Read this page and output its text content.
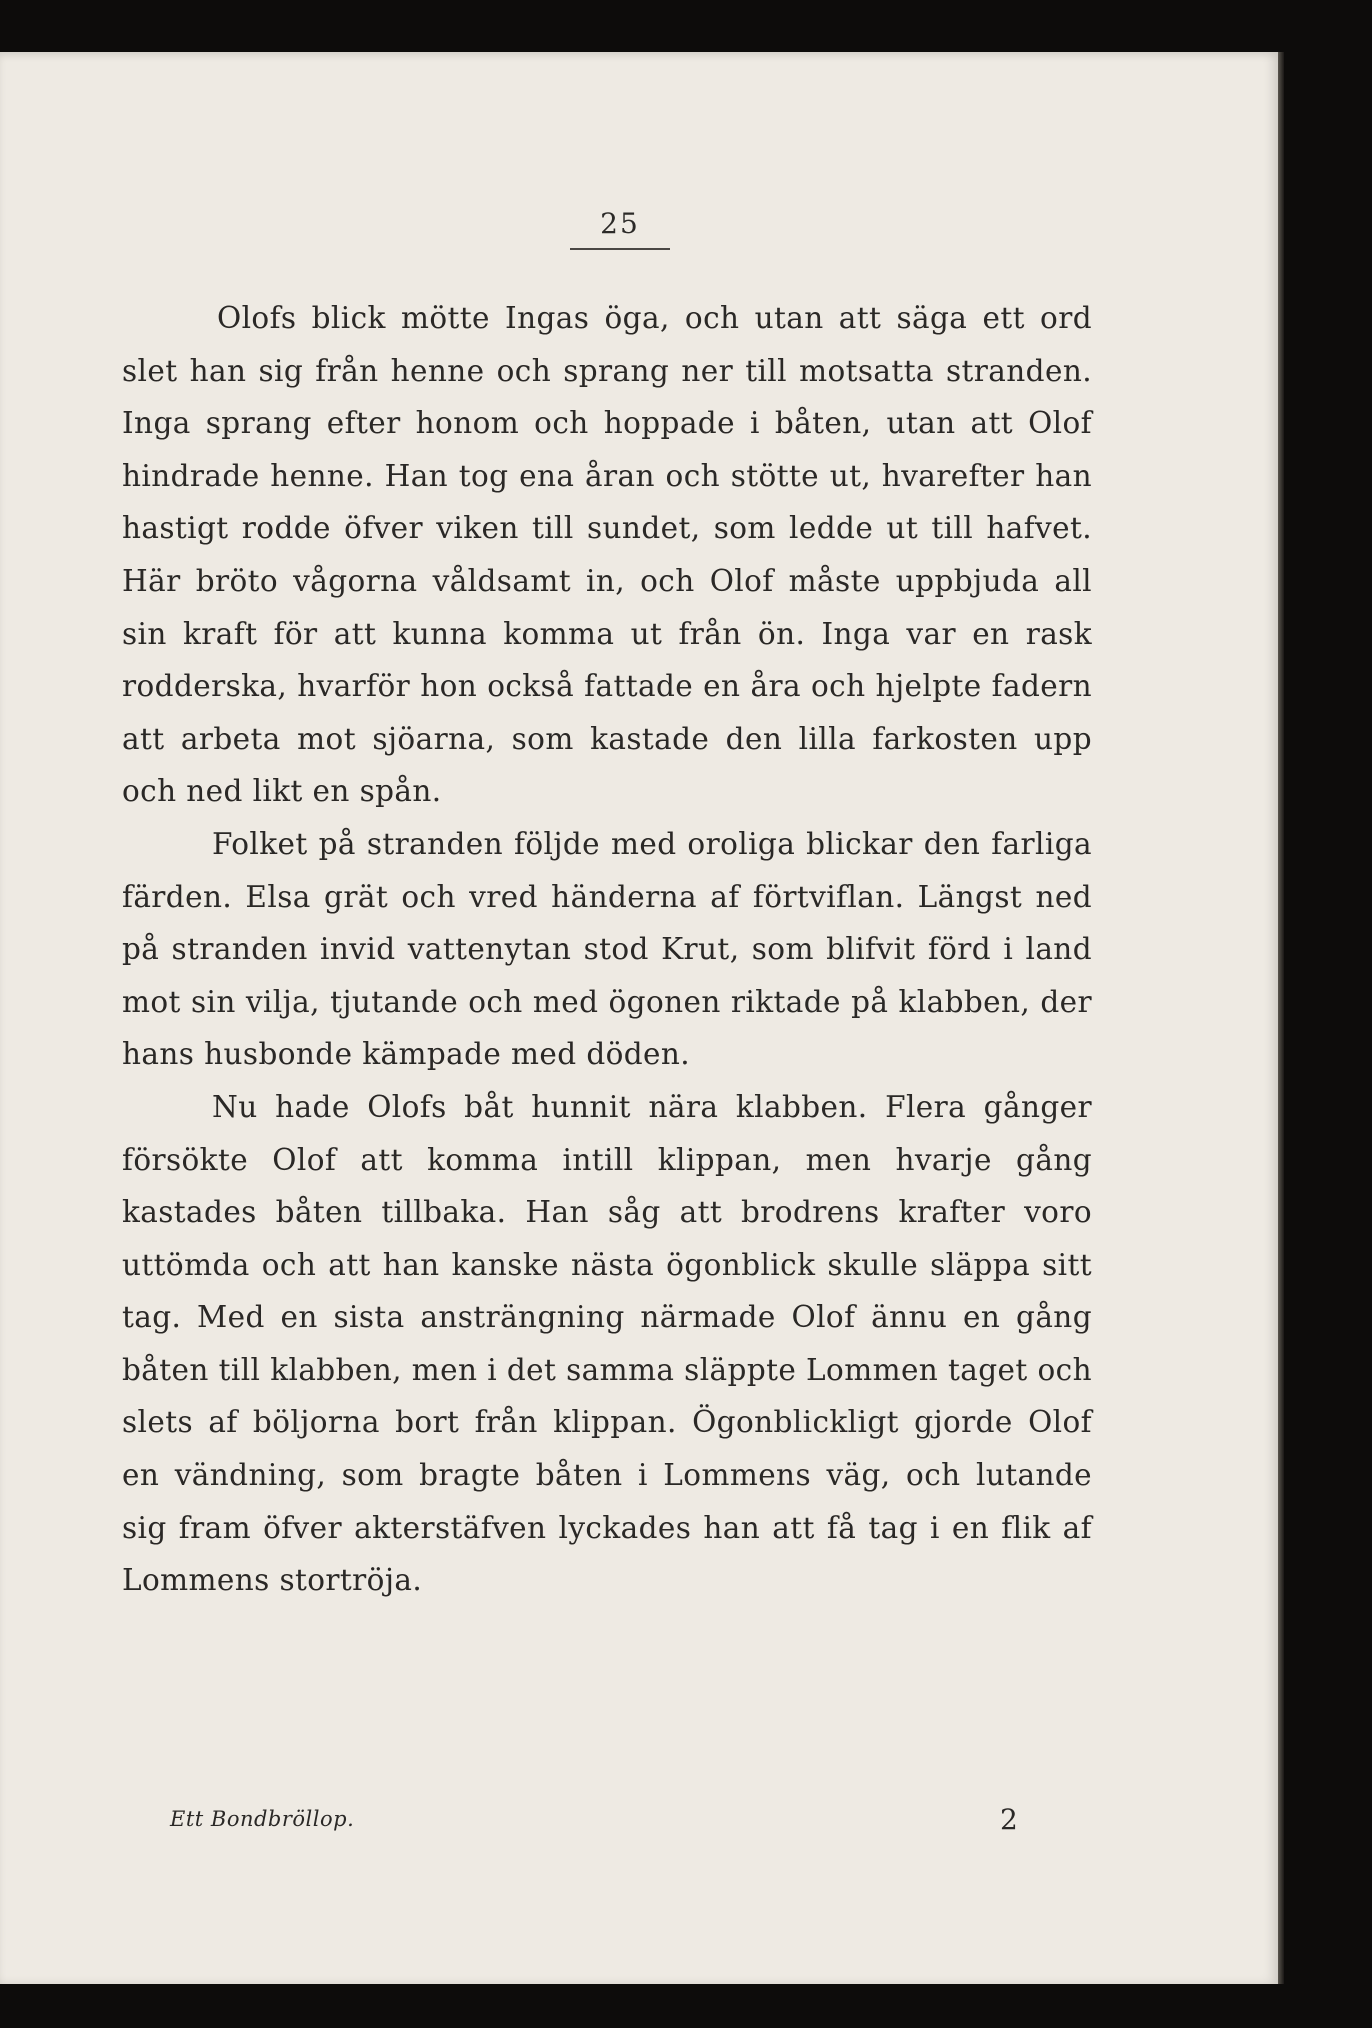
25

Olofs blick mötte Ingas öga, och utan att säga ett ord slet han sig från henne och sprang ner till motsatta stranden. Inga sprang efter honom och hoppade i båten, utan att Olof hindrade henne. Han tog ena åran och stötte ut, hvarefter han hastigt rodde öfver viken till sundet, som ledde ut till hafvet. Här bröto vågorna våldsamt in, och Olof måste uppbjuda all sin kraft för att kunna komma ut från ön. Inga var en rask rodderska, hvarför hon också fattade en åra och hjelpte fadern att arbeta mot sjöarna, som kastade den lilla farkosten upp och ned likt en spån.

Folket på stranden följde med oroliga blickar den farliga färden. Elsa grät och vred händerna af förtviflan. Längst ned på stranden invid vattenytan stod Krut, som blifvit förd i land mot sin vilja, tjutande och med ögonen riktade på klabben, der hans husbonde kämpade med döden.

Nu hade Olofs båt hunnit nära klabben. Flera gånger försökte Olof att komma intill klippan, men hvarje gång kastades båten tillbaka. Han såg att brodrens krafter voro uttömda och att han kanske nästa ögonblick skulle släppa sitt tag. Med en sista ansträngning närmade Olof ännu en gång båten till klabben, men i det samma släppte Lommen taget och slets af böljorna bort från klippan. Ögonblickligt gjorde Olof en vändning, som bragte båten i Lommens väg, och lutande sig fram öfver akterstäfven lyckades han att få tag i en flik af Lommens stortröja.

Ett Bondbröllop.	2
